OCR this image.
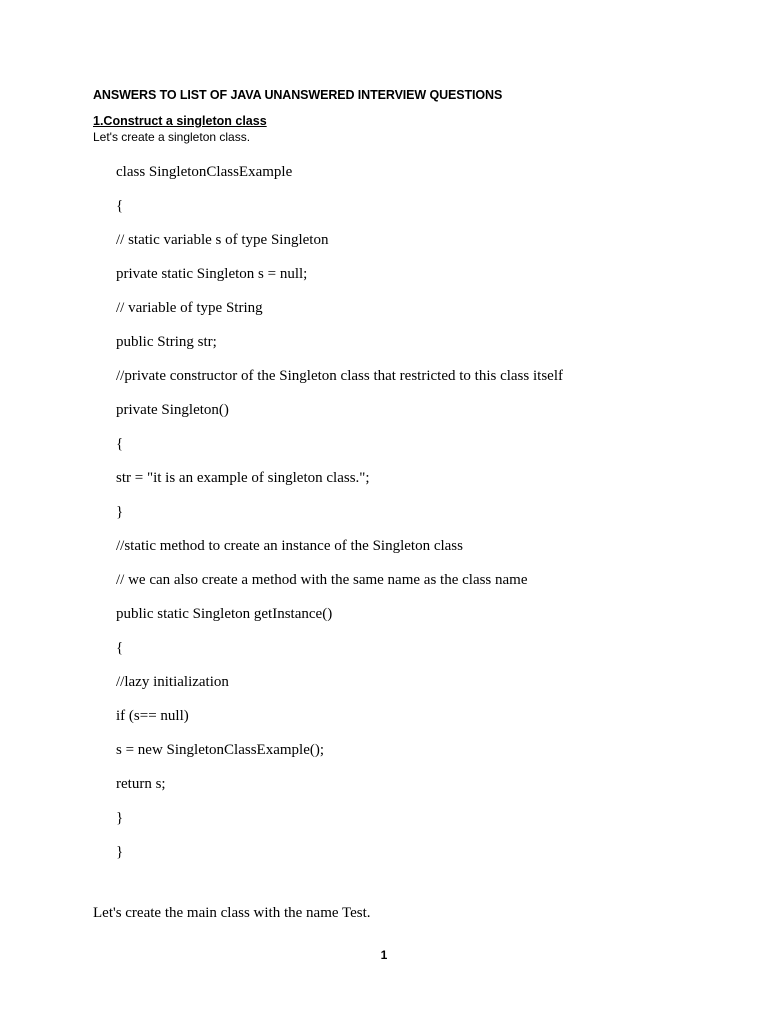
ANSWERS TO LIST OF JAVA UNANSWERED INTERVIEW QUESTIONS
1.Construct a singleton class
Let's create a singleton class.
class SingletonClassExample
{
// static variable s of type Singleton
private static Singleton s = null;
// variable of type String
public String str;
//private constructor of the Singleton class that restricted to this class itself
private Singleton()
{
str = "it is an example of singleton class.";
}
//static method to create an instance of the Singleton class
// we can also create a method with the same name as the class name
public static Singleton getInstance()
{
//lazy initialization
if (s== null)
s = new SingletonClassExample();
return s;
}
}
Let's create the main class with the name Test.
1
